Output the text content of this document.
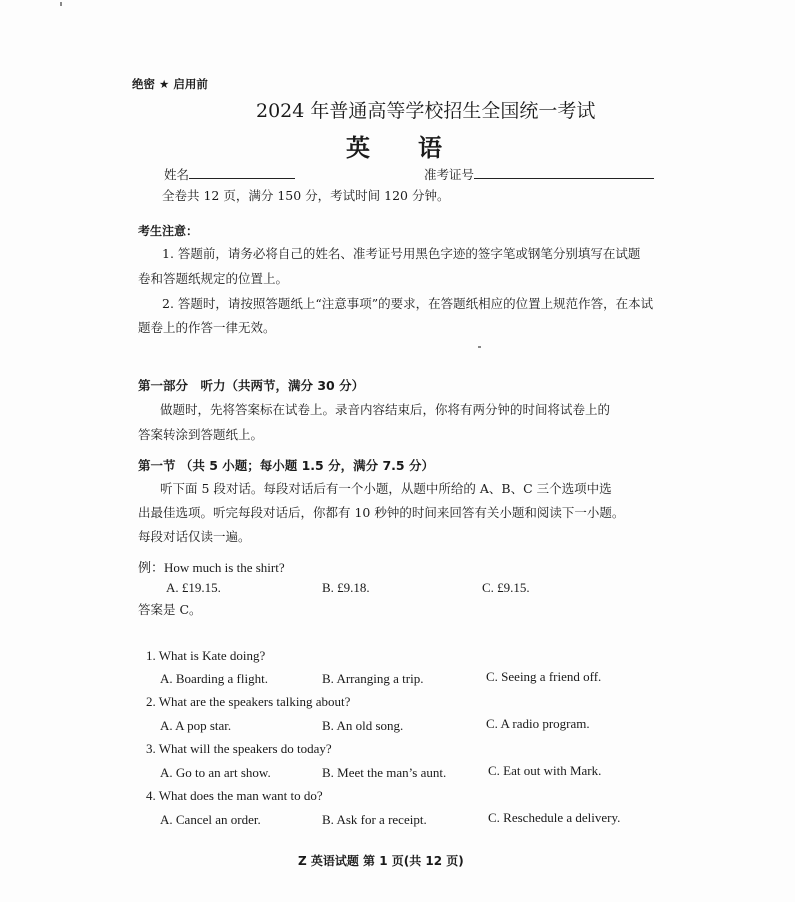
绝密 ★ 启用前
2024 年普通高等学校招生全国统一考试
英　　语
姓名	准考证号
全卷共 12 页，满分 150 分，考试时间 120 分钟。
考生注意：
1. 答题前，请务必将自己的姓名、准考证号用黑色字迹的签字笔或钢笔分别填写在试题
卷和答题纸规定的位置上。
2. 答题时，请按照答题纸上“注意事项”的要求，在答题纸相应的位置上规范作答，在本试
题卷上的作答一律无效。
第一部分　听力（共两节，满分 30 分）
做题时，先将答案标在试卷上。录音内容结束后，你将有两分钟的时间将试卷上的
答案转涂到答题纸上。
第一节 （共 5 小题；每小题 1.5 分，满分 7.5 分）
听下面 5 段对话。每段对话后有一个小题，从题中所给的 A、B、C 三个选项中选
出最佳选项。听完每段对话后，你都有 10 秒钟的时间来回答有关小题和阅读下一小题。
每段对话仅读一遍。
例：How much is the shirt?
A. £19.15.	B. £9.18.	C. £9.15.
答案是 C。
1. What is Kate doing?
A. Boarding a flight.	B. Arranging a trip.	C. Seeing a friend off.
2. What are the speakers talking about?
A. A pop star.	B. An old song.	C. A radio program.
3. What will the speakers do today?
A. Go to an art show.	B. Meet the man’s aunt.	C. Eat out with Mark.
4. What does the man want to do?
A. Cancel an order.	B. Ask for a receipt.	C. Reschedule a delivery.
Z 英语试题 第 1 页(共 12 页)
